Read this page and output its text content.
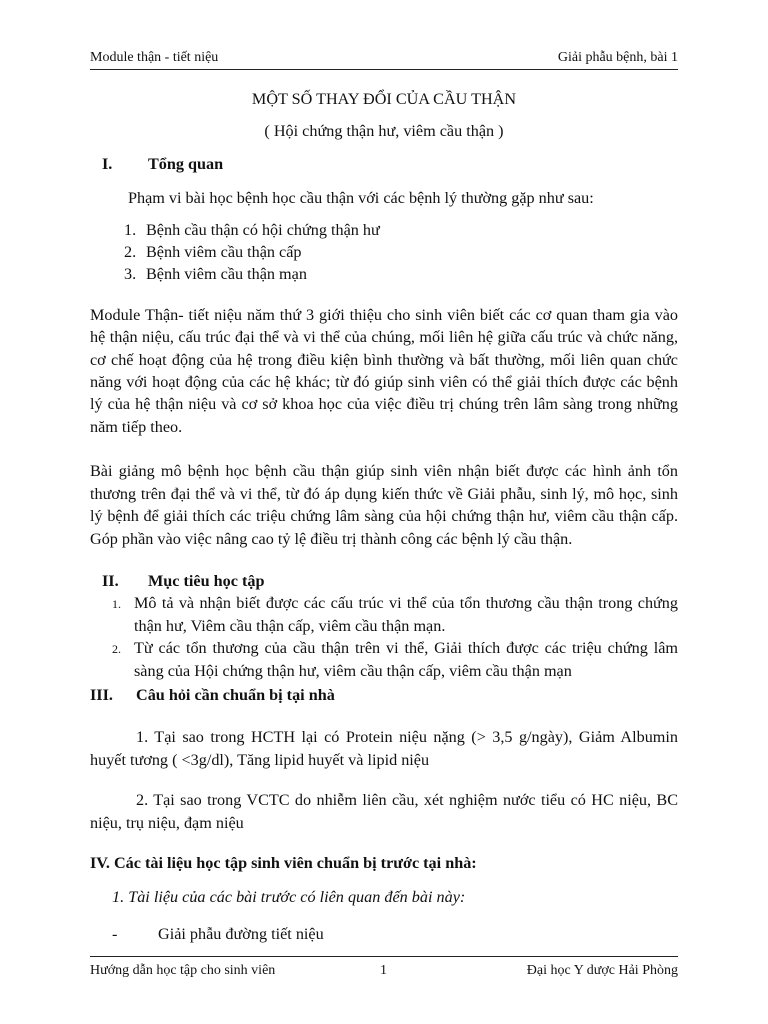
Module thận - tiết niệu	Giải phẫu bệnh, bài 1

MỘT SỐ THAY ĐỔI CỦA CẦU THẬN

( Hội chứng thận hư, viêm cầu thận )

I.	Tổng quan

Phạm vi bài học bệnh học cầu thận với các bệnh lý thường gặp như sau:

1. Bệnh cầu thận có hội chứng thận hư
2. Bệnh viêm cầu thận cấp
3. Bệnh viêm cầu thận mạn

Module Thận- tiết niệu năm thứ 3 giới thiệu cho sinh viên biết các cơ quan tham gia vào hệ thận niệu, cấu trúc đại thể và vi thể của chúng, mối liên hệ giữa cấu trúc và chức năng, cơ chế hoạt động của hệ trong điều kiện bình thường và bất thường, mối liên quan chức năng với hoạt động của các hệ khác; từ đó giúp sinh viên có thể giải thích được các bệnh lý của hệ thận niệu và cơ sở khoa học của việc điều trị chúng trên lâm sàng trong những năm tiếp theo.

Bài giảng mô bệnh học bệnh cầu thận giúp sinh viên nhận biết được các hình ảnh tổn thương trên đại thể và vi thể, từ đó áp dụng kiến thức về Giải phẫu, sinh lý, mô học, sinh lý bệnh để giải thích các triệu chứng lâm sàng của hội chứng thận hư, viêm cầu thận cấp. Góp phần vào việc nâng cao tỷ lệ điều trị thành công các bệnh lý cầu thận.

II.	Mục tiêu học tập
1. Mô tả và nhận biết được các cấu trúc vi thể của tổn thương cầu thận trong chứng thận hư, Viêm cầu thận cấp, viêm cầu thận mạn.
2. Từ các tổn thương của cầu thận trên vi thể, Giải thích được các triệu chứng lâm sàng của Hội chứng thận hư, viêm cầu thận cấp, viêm cầu thận mạn
III.	Câu hỏi cần chuẩn bị tại nhà

1. Tại sao trong HCTH lại có Protein niệu nặng (> 3,5 g/ngày), Giảm Albumin huyết tương ( <3g/dl), Tăng lipid huyết và lipid niệu

2. Tại sao trong VCTC do nhiễm liên cầu, xét nghiệm nước tiểu có HC niệu, BC niệu, trụ niệu, đạm niệu

IV. Các tài liệu học tập sinh viên chuẩn bị trước tại nhà:

1. Tài liệu của các bài trước có liên quan đến bài này:

-	Giải phẫu đường tiết niệu
Hướng dẫn học tập cho sinh viên	1	Đại học Y dược Hải Phòng
